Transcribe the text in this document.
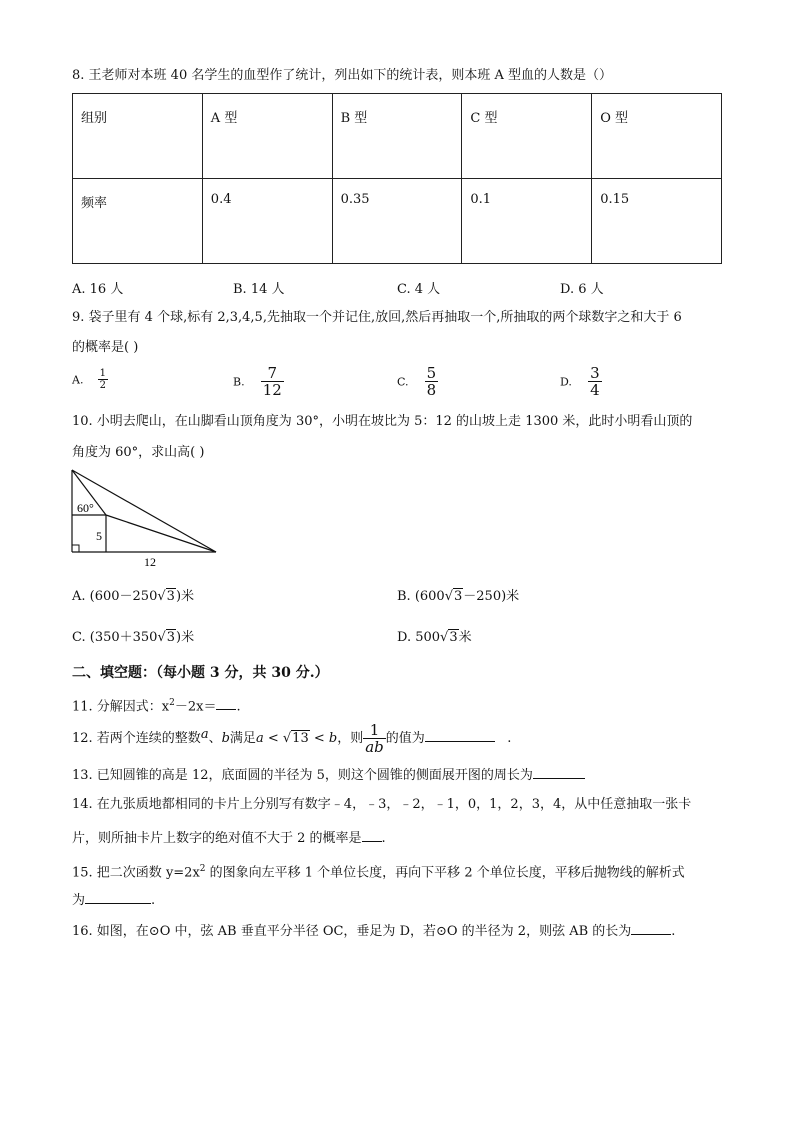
8. 王老师对本班 40 名学生的血型作了统计，列出如下的统计表，则本班 A 型血的人数是（）
组别	A 型	B 型	C 型	O 型
频率	0.4	0.35	0.1	0.15
A. 16 人	B. 14 人	C. 4 人	D. 6 人
9. 袋子里有 4 个球,标有 2,3,4,5,先抽取一个并记住,放回,然后再抽取一个,所抽取的两个球数字之和大于 6
的概率是( )
A. $\frac{1}{2}$	B. $\frac{7}{12}$	C. $\frac{5}{8}$	D. $\frac{3}{4}$
10. 小明去爬山，在山脚看山顶角度为 30°，小明在坡比为 5：12 的山坡上走 1300 米，此时小明看山顶的
角度为 60°，求山高( )
60°
5
12
A. (600－250√3)米	B. (600√3－250)米
C. (350＋350√3)米	D. 500√3米
二、填空题：（每小题 3 分，共 30 分.）
11. 分解因式：$x^2-2x=$ .
12. 若两个连续的整数a、b满足a < √13 < b，则 $\frac{1}{ab}$ 的值为	.
13. 已知圆锥的高是 12，底面圆的半径为 5，则这个圆锥的侧面展开图的周长为
14. 在九张质地都相同的卡片上分别写有数字﹣4，﹣3，﹣2，﹣1，0，1，2，3，4，从中任意抽取一张卡
片，则所抽卡片上数字的绝对值不大于 2 的概率是 .
15. 把二次函数 $y=2x^2$ 的图象向左平移 1 个单位长度，再向下平移 2 个单位长度，平移后抛物线的解析式
为	.
16. 如图，在⊙O 中，弦 AB 垂直平分半径 OC，垂足为 D，若⊙O 的半径为 2，则弦 AB 的长为	.
